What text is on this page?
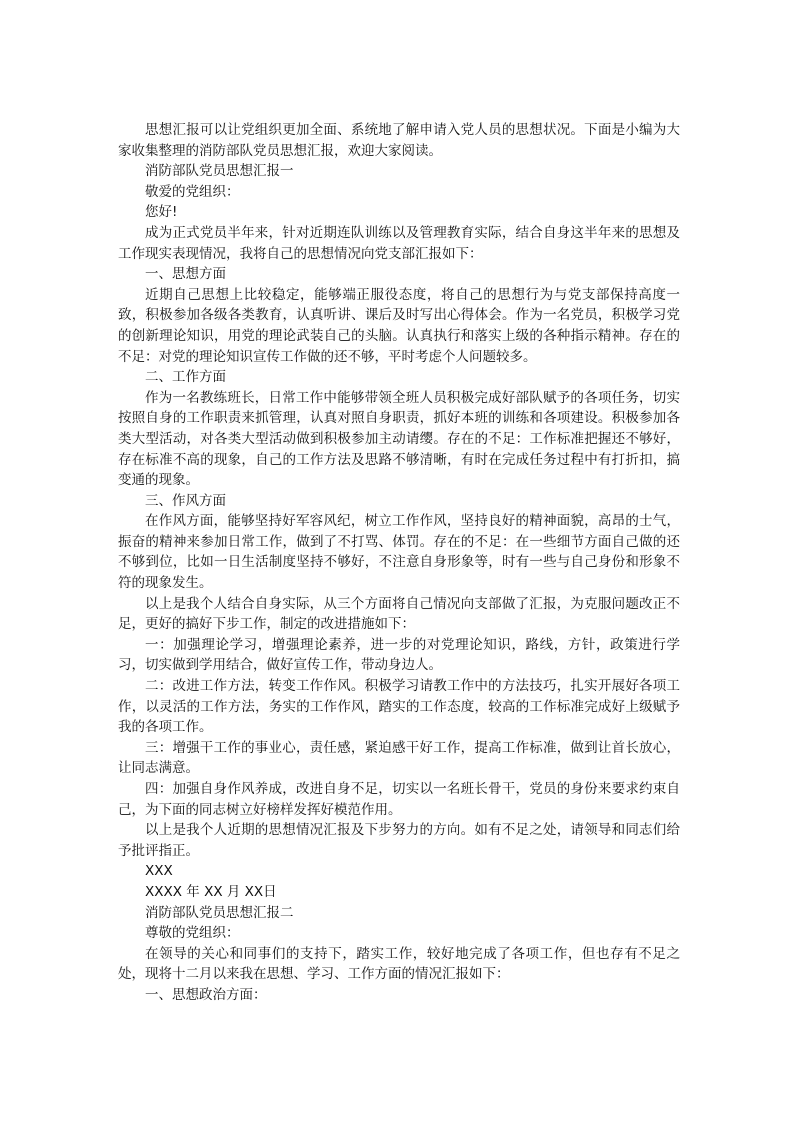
思想汇报可以让党组织更加全面、系统地了解申请入党人员的思想状况。下面是小编为大家收集整理的消防部队党员思想汇报，欢迎大家阅读。

消防部队党员思想汇报一

敬爱的党组织：

您好!

成为正式党员半年来，针对近期连队训练以及管理教育实际，结合自身这半年来的思想及工作现实表现情况，我将自己的思想情况向党支部汇报如下：

一、思想方面

近期自己思想上比较稳定，能够端正服役态度，将自己的思想行为与党支部保持高度一致，积极参加各级各类教育，认真听讲、课后及时写出心得体会。作为一名党员，积极学习党的创新理论知识，用党的理论武装自己的头脑。认真执行和落实上级的各种指示精神。存在的不足：对党的理论知识宣传工作做的还不够，平时考虑个人问题较多。

二、工作方面

作为一名教练班长，日常工作中能够带领全班人员积极完成好部队赋予的各项任务，切实按照自身的工作职责来抓管理，认真对照自身职责，抓好本班的训练和各项建设。积极参加各类大型活动，对各类大型活动做到积极参加主动请缨。存在的不足：工作标准把握还不够好，存在标准不高的现象，自己的工作方法及思路不够清晰，有时在完成任务过程中有打折扣，搞变通的现象。

三、作风方面

在作风方面，能够坚持好军容风纪，树立工作作风，坚持良好的精神面貌，高昂的士气，振奋的精神来参加日常工作，做到了不打骂、体罚。存在的不足：在一些细节方面自己做的还不够到位，比如一日生活制度坚持不够好，不注意自身形象等，时有一些与自己身份和形象不符的现象发生。

以上是我个人结合自身实际，从三个方面将自己情况向支部做了汇报，为克服问题改正不足，更好的搞好下步工作，制定的改进措施如下：

一：加强理论学习，增强理论素养，进一步的对党理论知识，路线，方针，政策进行学习，切实做到学用结合，做好宣传工作，带动身边人。

二：改进工作方法，转变工作作风。积极学习请教工作中的方法技巧，扎实开展好各项工作，以灵活的工作方法，务实的工作作风，踏实的工作态度，较高的工作标准完成好上级赋予我的各项工作。

三：增强干工作的事业心，责任感，紧迫感干好工作，提高工作标准，做到让首长放心，让同志满意。

四：加强自身作风养成，改进自身不足，切实以一名班长骨干，党员的身份来要求约束自己，为下面的同志树立好榜样发挥好模范作用。

以上是我个人近期的思想情况汇报及下步努力的方向。如有不足之处，请领导和同志们给予批评指正。

XXX

XXXX 年 XX 月 XX日

消防部队党员思想汇报二

尊敬的党组织：

在领导的关心和同事们的支持下，踏实工作，较好地完成了各项工作，但也存有不足之处，现将十二月以来我在思想、学习、工作方面的情况汇报如下：

一、思想政治方面：
